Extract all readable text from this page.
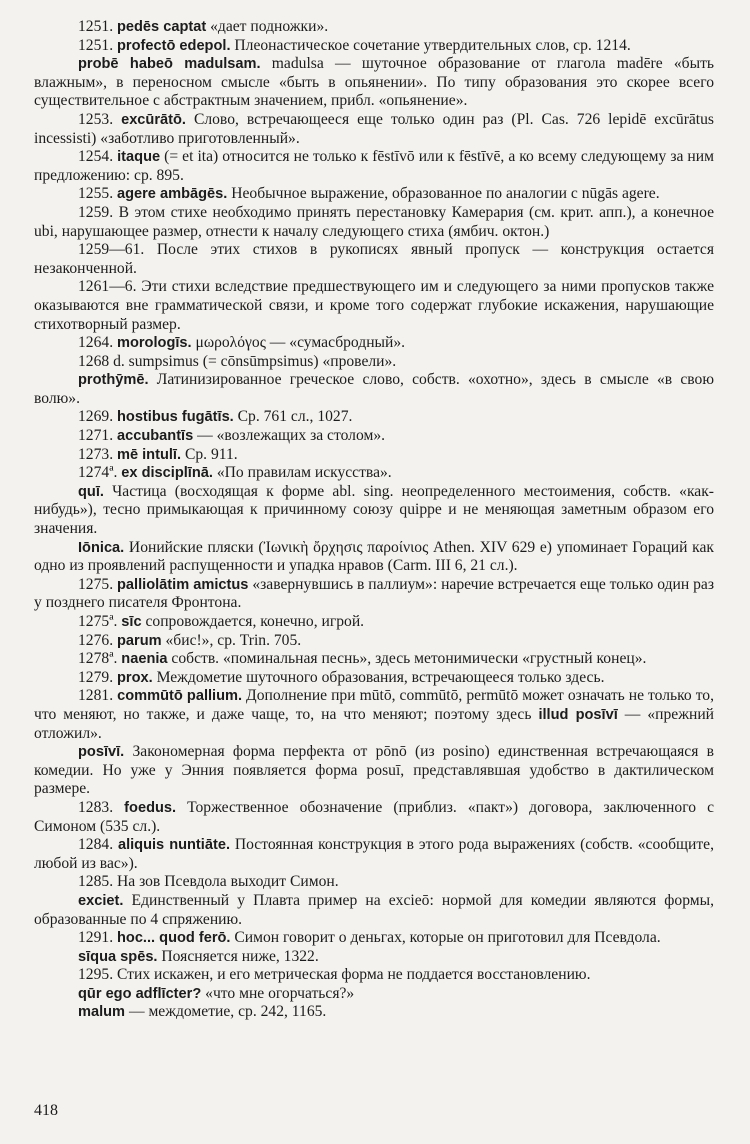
1251. pedēs captat «дает подножки».

1251. profectō edepol. Плеонастическое сочетание утвердительных слов, ср. 1214.

probē habeō madulsam. madulsa — шуточное образование от глагола madēre «быть влажным», в переносном смысле «быть в опьянении». По типу образования это скорее всего существительное с абстрактным значением, прибл. «опьянение».

1253. excūrātō. Слово, встречающееся еще только один раз (Pl. Cas. 726 lepidē excūrātus incessisti) «заботливо приготовленный».

1254. itaque (= et ita) относится не только к fēstīvō или к fēstīvē, а ко всему следующему за ним предложению: ср. 895.

1255. agere ambāgēs. Необычное выражение, образованное по аналогии с nūgās agere.

1259. В этом стихе необходимо принять перестановку Камерария (см. крит. апп.), а конечное ubi, нарушающее размер, отнести к началу следующего стиха (ямбич. октон.)

1259—61. После этих стихов в рукописях явный пропуск — конструкция остается незаконченной.

1261—6. Эти стихи вследствие предшествующего им и следующего за ними пропусков также оказываются вне грамматической связи, и кроме того содержат глубокие искажения, нарушающие стихотворный размер.

1264. morologīs. μωρολόγος — «сумасбродный».

1268 d. sumpsimus (= cōnsūmpsimus) «провели».

prothȳmē. Латинизированное греческое слово, собств. «охотно», здесь в смысле «в свою волю».

1269. hostibus fugātīs. Ср. 761 сл., 1027.

1271. accubantīs — «возлежащих за столом».

1273. mē intulī. Ср. 911.

1274ª. ex disciplīnā. «По правилам искусства».

quī. Частица (восходящая к форме abl. sing. неопределенного местоимения, собств. «как-нибудь»), тесно примыкающая к причинному союзу quippe и не меняющая заметным образом его значения.

Iōnica. Ионийские пляски (Ἰωνικὴ ὄρχησις παροίνιος Athen. XIV 629 e) упоминает Гораций как одно из проявлений распущенности и упадка нравов (Carm. III 6, 21 сл.).

1275. palliolātim amictus «завернувшись в паллиум»: наречие встречается еще только один раз у позднего писателя Фронтона.

1275ª. sīc сопровождается, конечно, игрой.

1276. parum «бис!», ср. Trin. 705.

1278ª. naenia собств. «поминальная песнь», здесь метонимически «грустный конец».

1279. prox. Междометие шуточного образования, встречающееся только здесь.

1281. commūtō pallium. Дополнение при mūtō, commūtō, permūtō может означать не только то, что меняют, но также, и даже чаще, то, на что меняют; поэтому здесь illud posīvī — «прежний отложил».

posīvī. Закономерная форма перфекта от pōnō (из posino) единственная встречающаяся в комедии. Но уже у Энния появляется форма posuī, представлявшая удобство в дактилическом размере.

1283. foedus. Торжественное обозначение (приблиз. «пакт») договора, заключенного с Симоном (535 сл.).

1284. aliquis nuntiāte. Постоянная конструкция в этого рода выражениях (собств. «сообщите, любой из вас»).

1285. На зов Псевдола выходит Симон.

exciet. Единственный у Плавта пример на excieō: нормой для комедии являются формы, образованные по 4 спряжению.

1291. hoc... quod ferō. Симон говорит о деньгах, которые он приготовил для Псевдола.

sīqua spēs. Поясняется ниже, 1322.

1295. Стих искажен, и его метрическая форма не поддается восстановлению.

qūr ego adflīcter? «что мне огорчаться?»

malum — междометие, ср. 242, 1165.

418
